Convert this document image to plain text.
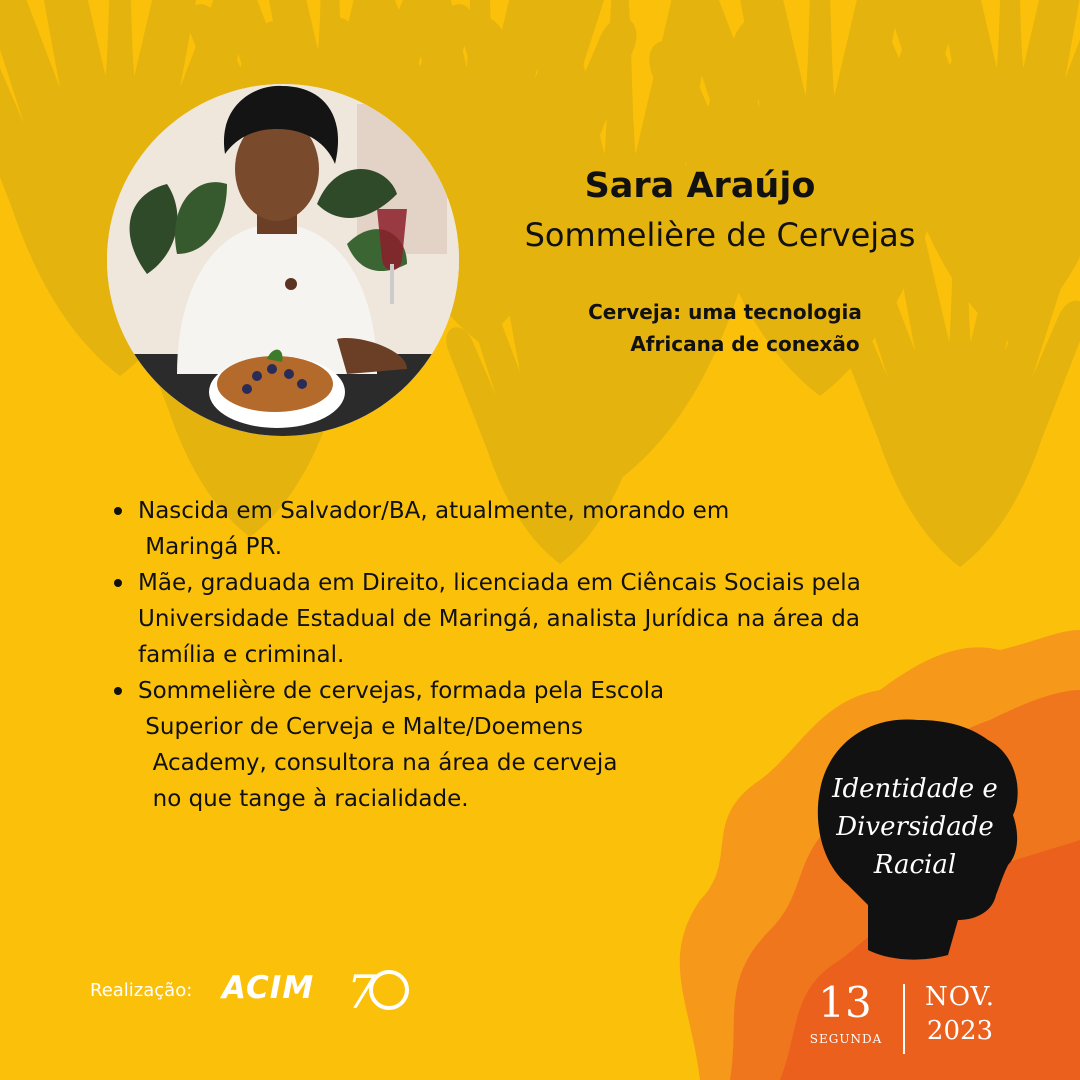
Sara Araújo
Sommelière de Cervejas
Cerveja: uma tecnologia
Africana de conexão
Nascida em Salvador/BA, atualmente, morando em
Maringá PR.
Mãe, graduada em Direito, licenciada em Ciêncais Sociais pela
Universidade Estadual de Maringá, analista Jurídica na área da
família e criminal.
Sommelière de cervejas, formada pela Escola
Superior de Cerveja e Malte/Doemens
Academy, consultora na área de cerveja
no que tange à racialidade.	Identidade e
Diversidade
Racial
13
SEGUNDA
NOV.
2023
Realização: ACIM 7
